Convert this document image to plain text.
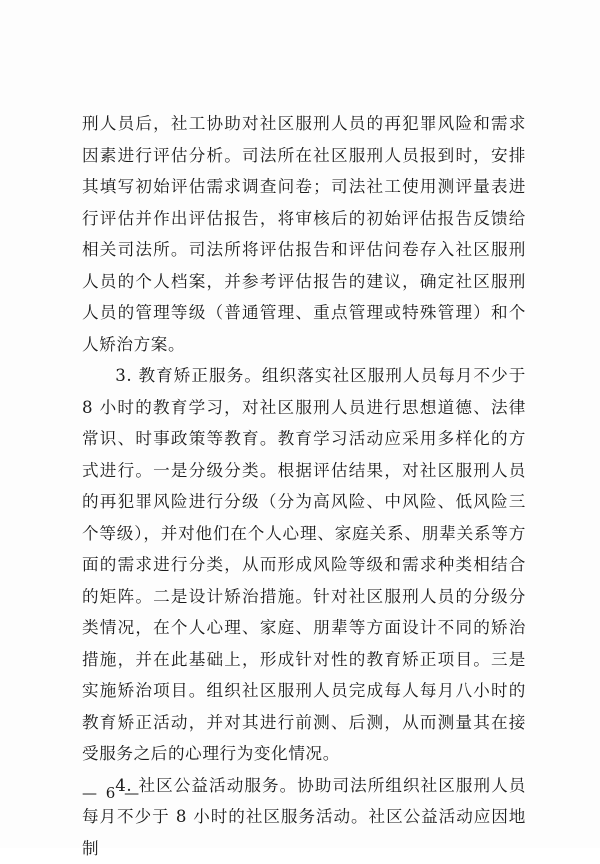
刑人员后，社工协助对社区服刑人员的再犯罪风险和需求因素进行评估分析。司法所在社区服刑人员报到时，安排其填写初始评估需求调查问卷；司法社工使用测评量表进行评估并作出评估报告，将审核后的初始评估报告反馈给相关司法所。司法所将评估报告和评估问卷存入社区服刑人员的个人档案，并参考评估报告的建议，确定社区服刑人员的管理等级（普通管理、重点管理或特殊管理）和个人矫治方案。

3. 教育矫正服务。组织落实社区服刑人员每月不少于 8 小时的教育学习，对社区服刑人员进行思想道德、法律常识、时事政策等教育。教育学习活动应采用多样化的方式进行。一是分级分类。根据评估结果，对社区服刑人员的再犯罪风险进行分级（分为高风险、中风险、低风险三个等级），并对他们在个人心理、家庭关系、朋辈关系等方面的需求进行分类，从而形成风险等级和需求种类相结合的矩阵。二是设计矫治措施。针对社区服刑人员的分级分类情况，在个人心理、家庭、朋辈等方面设计不同的矫治措施，并在此基础上，形成针对性的教育矫正项目。三是实施矫治项目。组织社区服刑人员完成每人每月八小时的教育矫正活动，并对其进行前测、后测，从而测量其在接受服务之后的心理行为变化情况。

4. 社区公益活动服务。协助司法所组织社区服刑人员每月不少于 8 小时的社区服务活动。社区公益活动应因地制

— 6 —
